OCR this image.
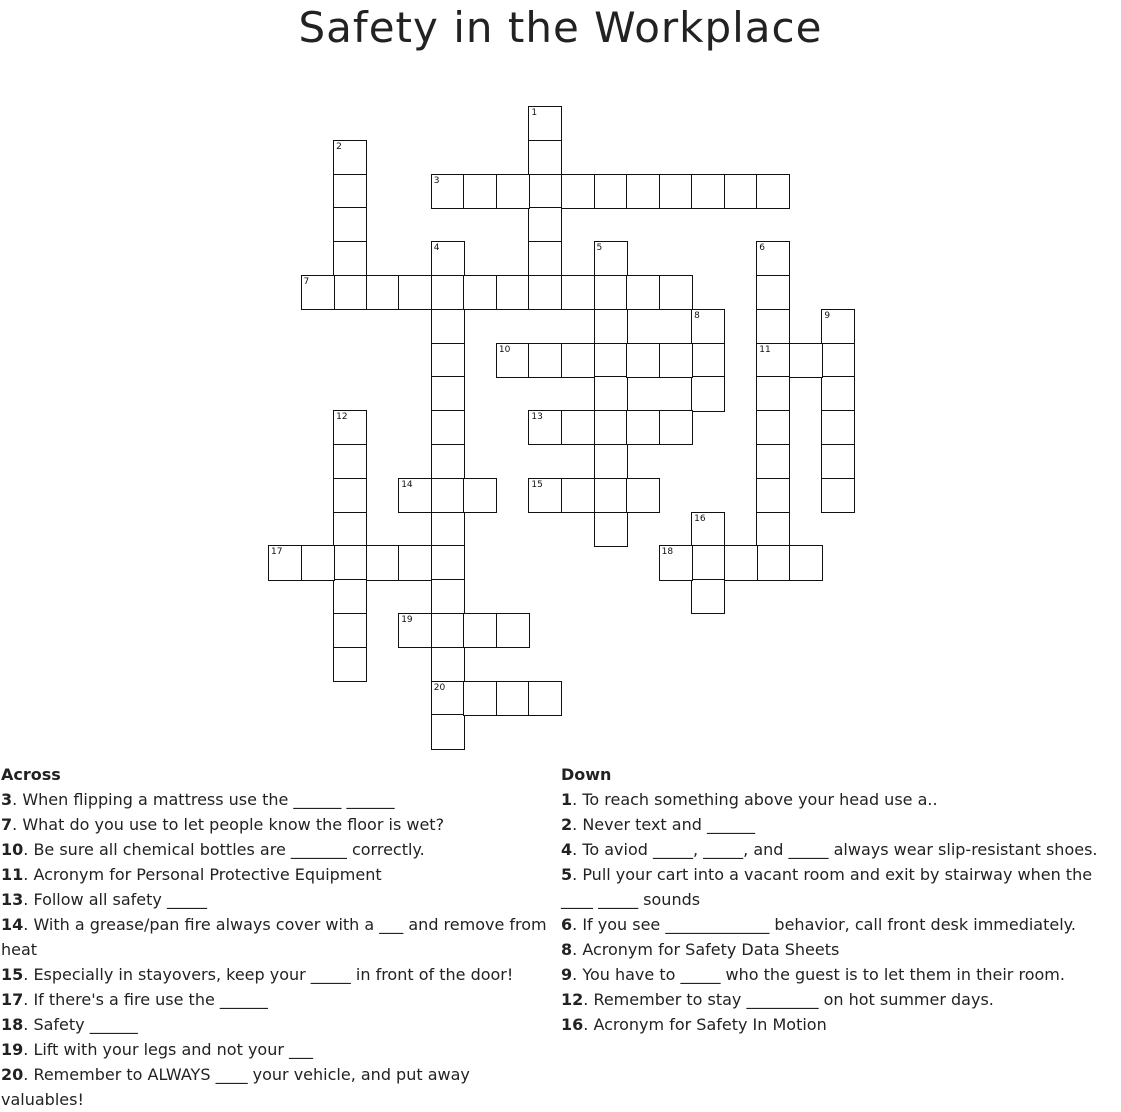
Safety in the Workplace
1
2
3
4
20
5	6
11
7
8	9
10
12	13
14	15
16
17	18
19
Across
3. When flipping a mattress use the ______ ______
7. What do you use to let people know the floor is wet?
10. Be sure all chemical bottles are _______ correctly.
11. Acronym for Personal Protective Equipment
13. Follow all safety _____
14. With a grease/pan fire always cover with a ___ and remove from heat
15. Especially in stayovers, keep your _____ in front of the door!
17. If there's a fire use the ______
18. Safety ______
19. Lift with your legs and not your ___
20. Remember to ALWAYS ____ your vehicle, and put away valuables!
Down
1. To reach something above your head use a..
2. Never text and ______
4. To aviod _____, _____, and _____ always wear slip-resistant shoes.
5. Pull your cart into a vacant room and exit by stairway when the ____ _____ sounds
6. If you see _____________ behavior, call front desk immediately.
8. Acronym for Safety Data Sheets
9. You have to _____ who the guest is to let them in their room.
12. Remember to stay _________ on hot summer days.
16. Acronym for Safety In Motion
